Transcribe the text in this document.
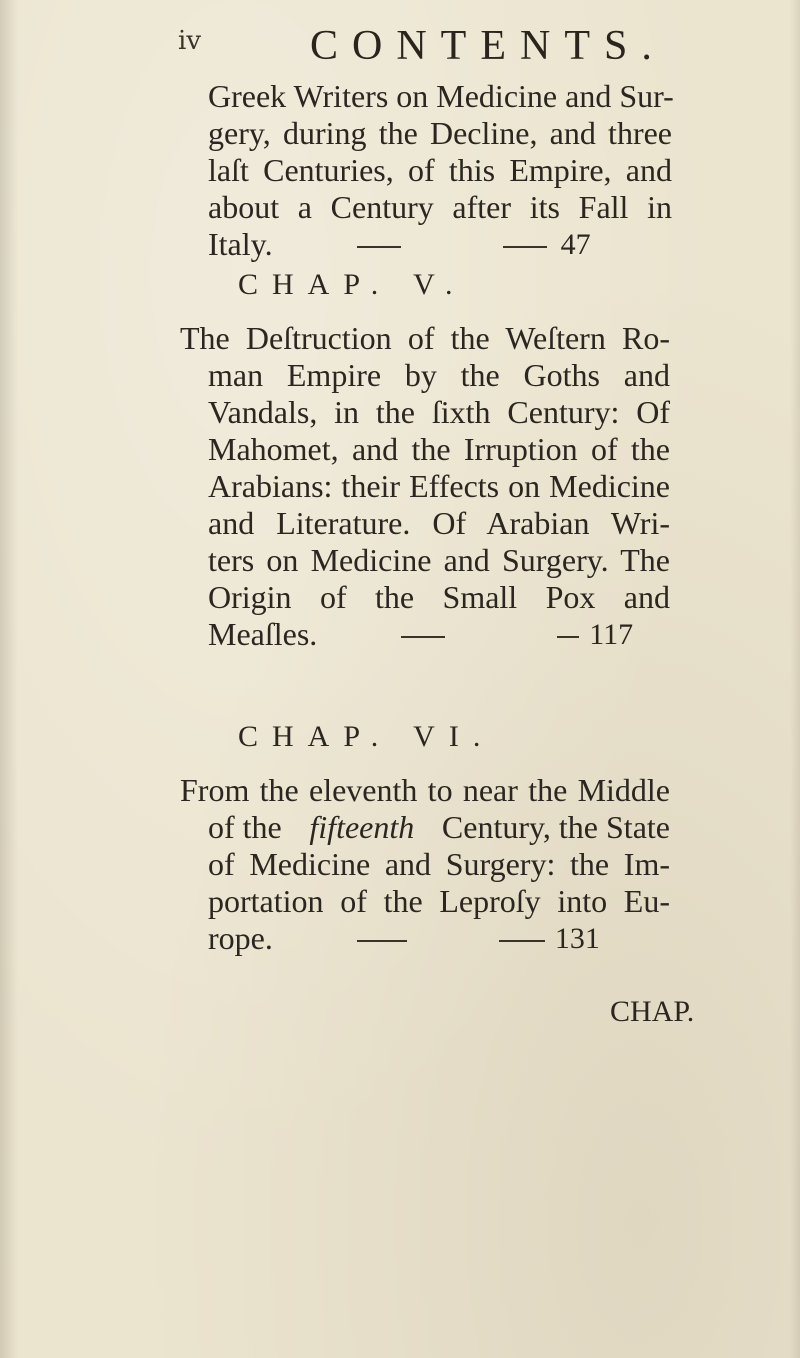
iv	CONTENTS.
Greek Writers on Medicine and Sur-
gery, during the Decline, and three
laſt Centuries, of this Empire, and
about a Century after its Fall in
Italy.	47
CHAP. V.
The Deſtruction of the Weſtern Ro-
man Empire by the Goths and
Vandals, in the ſixth Century: Of
Mahomet, and the Irruption of the
Arabians: their Effects on Medicine
and Literature. Of Arabian Wri-
ters on Medicine and Surgery. The
Origin of the Small Pox and
Meaſles.	117
CHAP. VI.
From the eleventh to near the Middle
of the fifteenth Century, the State
of Medicine and Surgery: the Im-
portation of the Leproſy into Eu-
rope.	131
CHAP.
